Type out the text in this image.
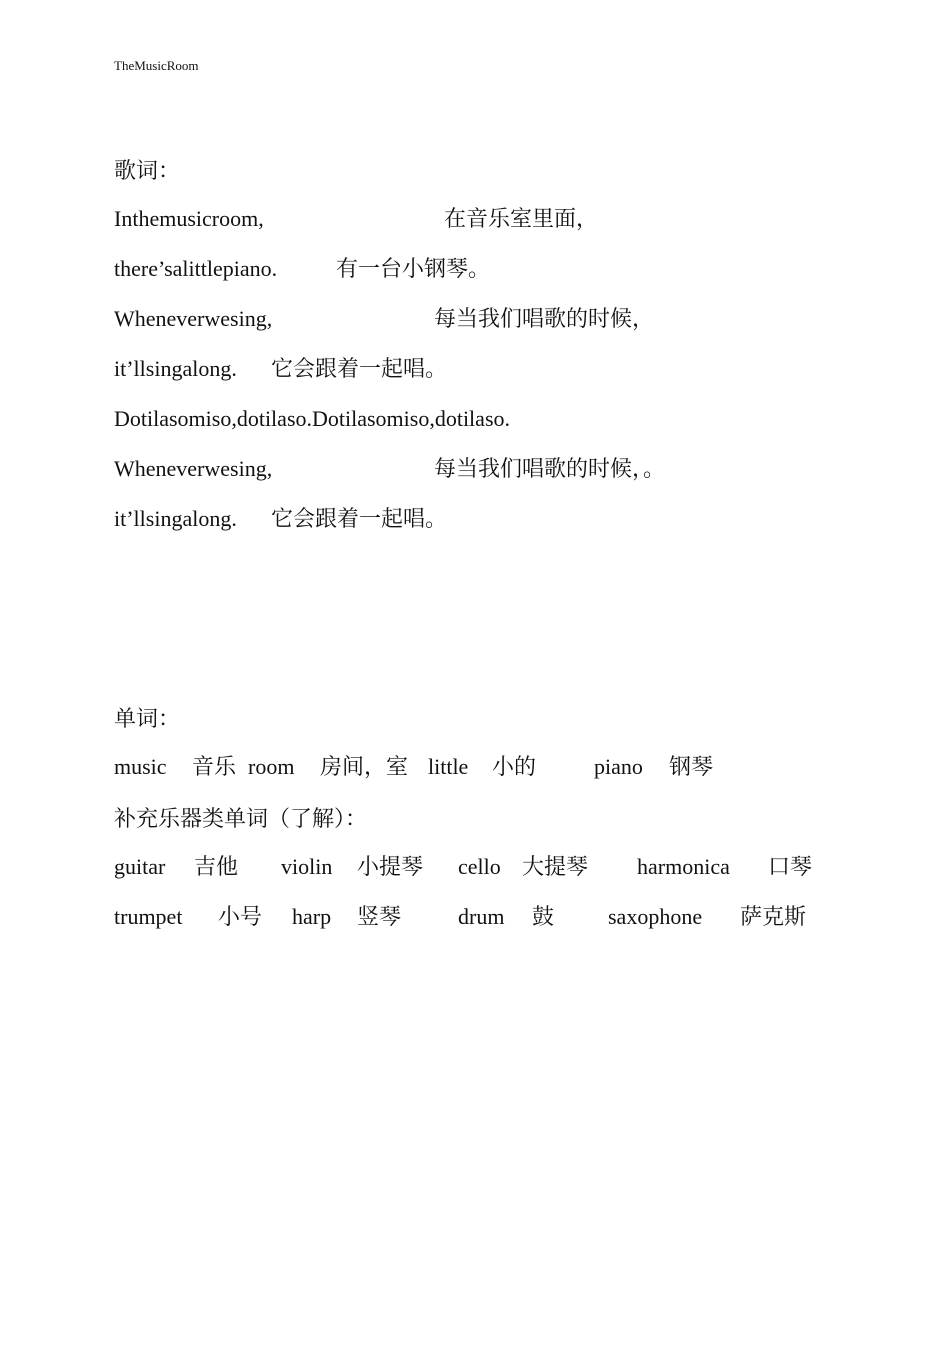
TheMusicRoom
歌词：
Inthemusicroom,	在音乐室里面，
there’salittlepiano.	有一台小钢琴。
Wheneverwesing,	每当我们唱歌的时候，
it’llsingalong. 它会跟着一起唱。
Dotilasomiso,dotilaso.Dotilasomiso,dotilaso.
Wheneverwesing,	每当我们唱歌的时候，。
it’llsingalong. 它会跟着一起唱。
单词：
music 音乐 room 房间，室 little 小的	piano 钢琴
补充乐器类单词（了解）：
guitar 吉他 violin 小提琴 cello 大提琴 harmonica 口琴
trumpet 小号 harp 竖琴	drum 鼓 saxophone 萨克斯
